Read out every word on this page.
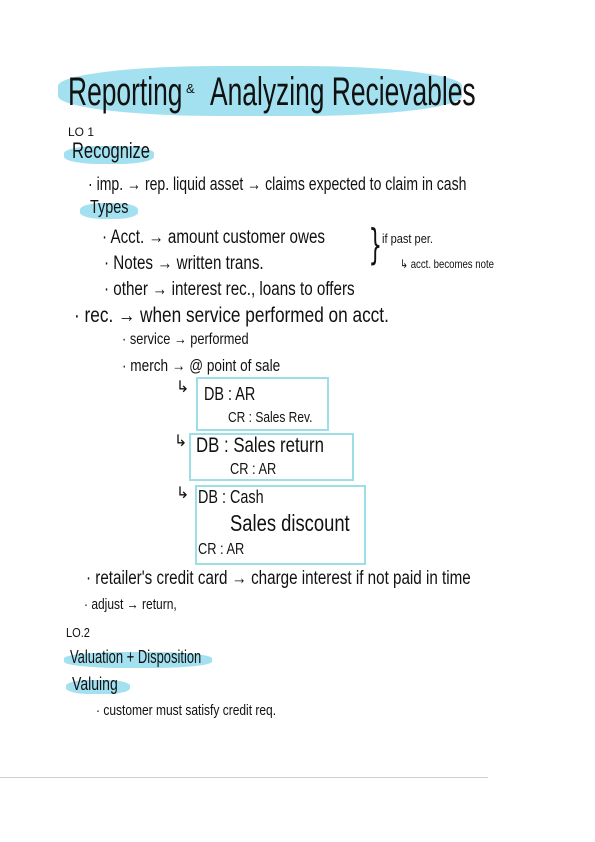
Reporting & Analyzing Recievables
LO 1
Recognize
· imp. → rep. liquid asset → claims expected to claim in cash
Types
· Acct. → amount customer owes } if past per.
· Notes → written trans.	↳ acct. becomes note
· other → interest rec., loans to offers
· rec. → when service performed on acct.
· service → performed
· merch → @ point of sale
↳ DB : AR
CR : Sales Rev.
↳ DB : Sales return
CR : AR
↳ DB : Cash
Sales discount
CR : AR
· retailer's credit card → charge interest if not paid in time
· adjust → return,
LO.2
Valuation + Disposition
Valuing
· customer must satisfy credit req.
